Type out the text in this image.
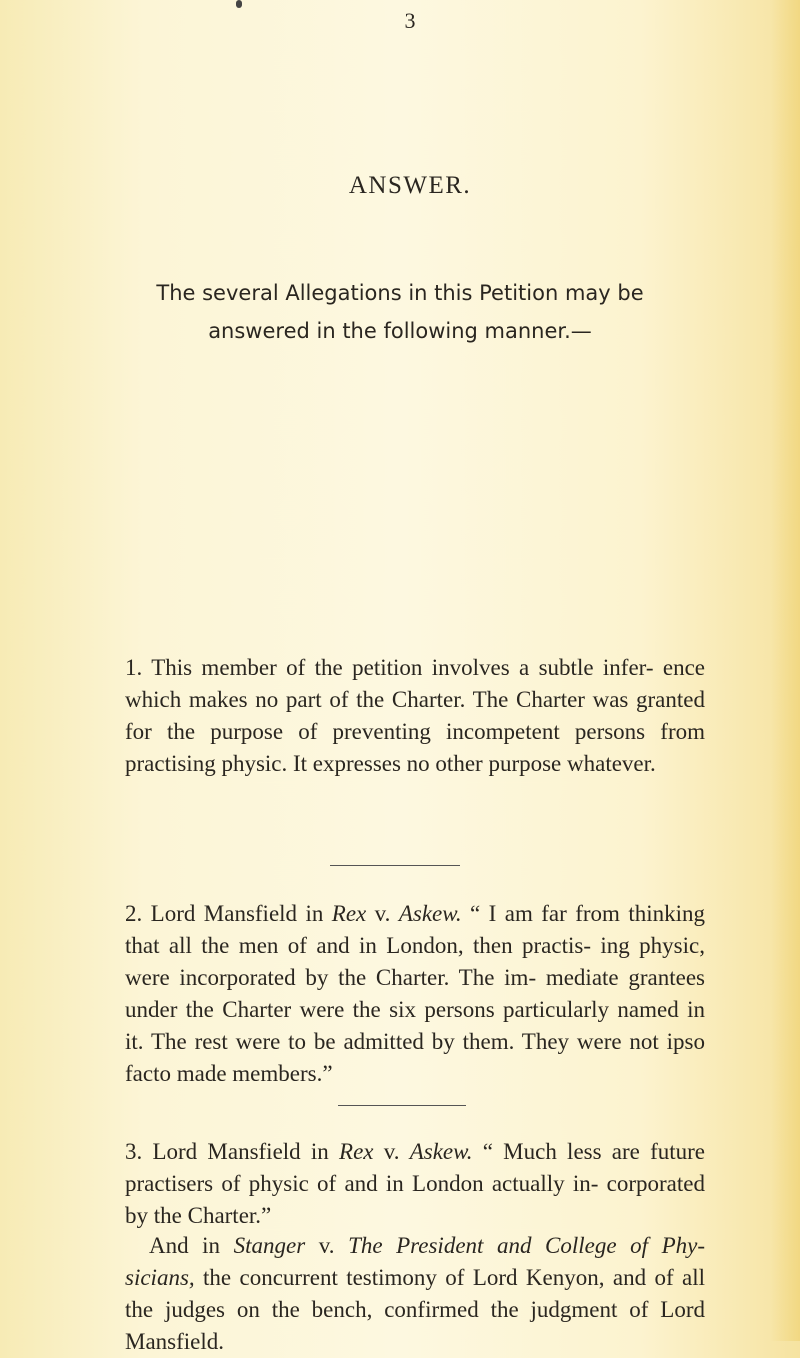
3
ANSWER.
The several Allegations in this Petition may be answered in the following manner.—
1. This member of the petition involves a subtle infer- ence which makes no part of the Charter. The Charter was granted for the purpose of preventing incompetent persons from practising physic. It expresses no other purpose whatever.
2. Lord Mansfield in Rex v. Askew. “ I am far from thinking that all the men of and in London, then practis- ing physic, were incorporated by the Charter. The im- mediate grantees under the Charter were the six persons particularly named in it. The rest were to be admitted by them. They were not ipso facto made members.”
3. Lord Mansfield in Rex v. Askew. “ Much less are future practisers of physic of and in London actually in- corporated by the Charter.”
And in Stanger v. The President and College of Phy- sicians, the concurrent testimony of Lord Kenyon, and of all the judges on the bench, confirmed the judgment of Lord Mansfield.
